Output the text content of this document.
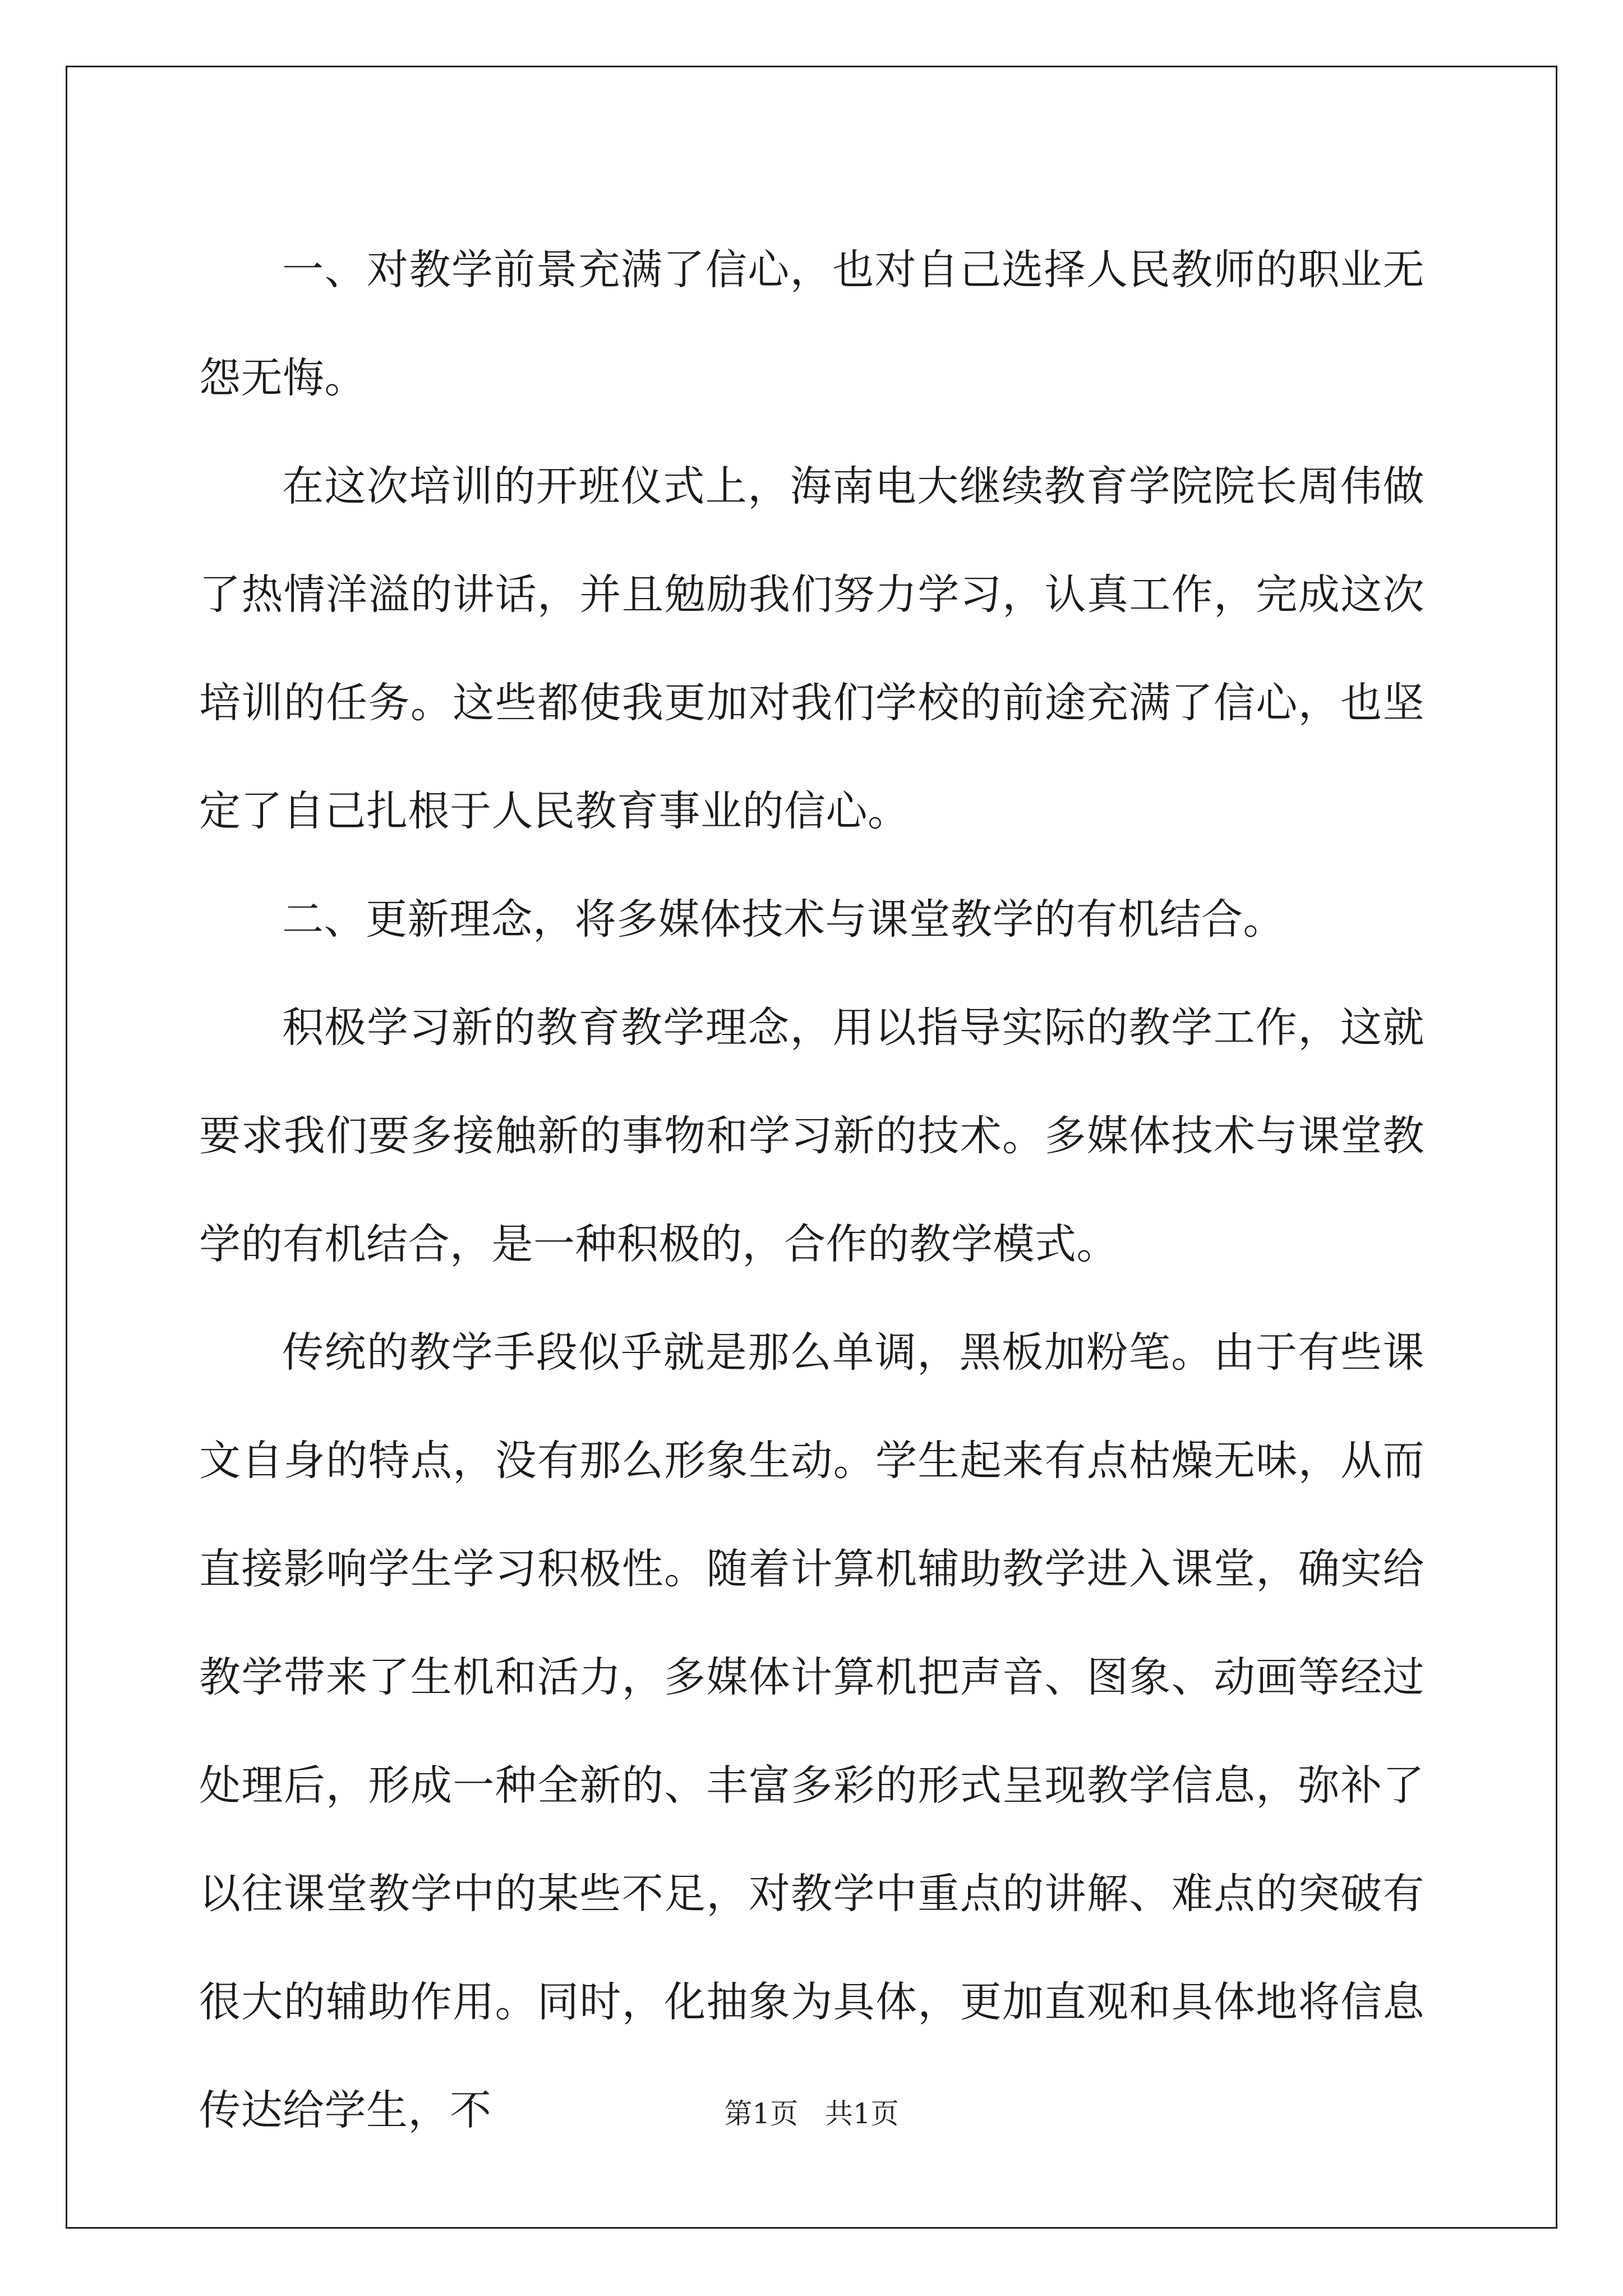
一、对教学前景充满了信心，也对自己选择人民教师的职业无怨无悔。

在这次培训的开班仪式上，海南电大继续教育学院院长周伟做了热情洋溢的讲话，并且勉励我们努力学习，认真工作，完成这次培训的任务。这些都使我更加对我们学校的前途充满了信心，也坚定了自己扎根于人民教育事业的信心。

二、更新理念，将多媒体技术与课堂教学的有机结合。

积极学习新的教育教学理念，用以指导实际的教学工作，这就要求我们要多接触新的事物和学习新的技术。多媒体技术与课堂教学的有机结合，是一种积极的，合作的教学模式。

传统的教学手段似乎就是那么单调，黑板加粉笔。由于有些课文自身的特点，没有那么形象生动。学生起来有点枯燥无味，从而直接影响学生学习积极性。随着计算机辅助教学进入课堂，确实给教学带来了生机和活力，多媒体计算机把声音、图象、动画等经过处理后，形成一种全新的、丰富多彩的形式呈现教学信息，弥补了以往课堂教学中的某些不足，对教学中重点的讲解、难点的突破有很大的辅助作用。同时，化抽象为具体，更加直观和具体地将信息传达给学生，不	第1页 共1页
